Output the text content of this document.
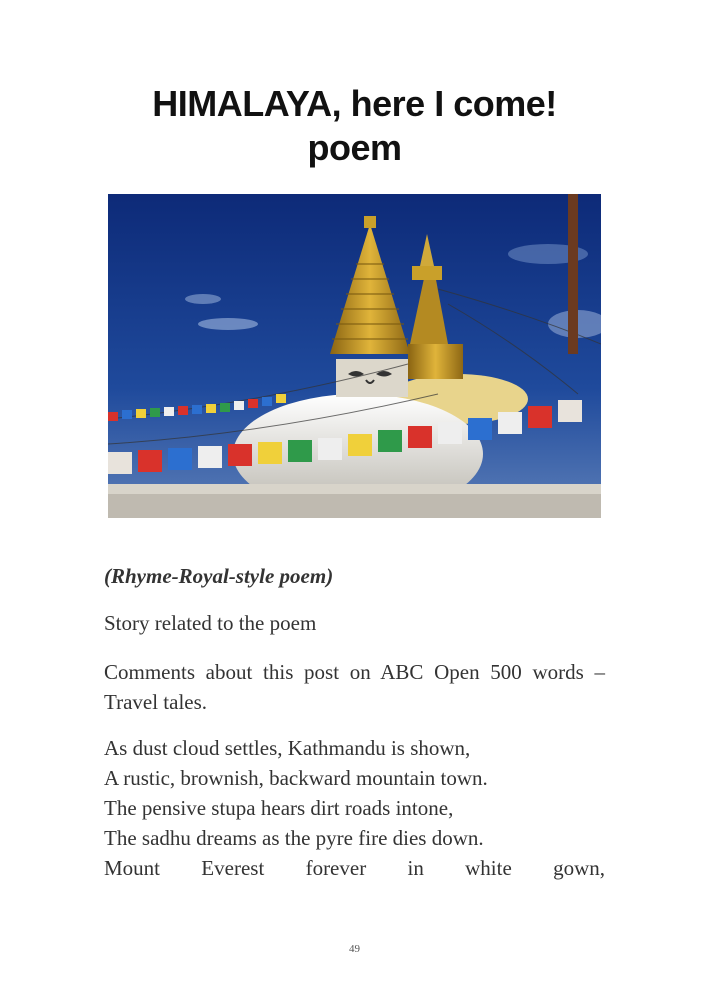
HIMALAYA, here I come!
poem

(Rhyme-Royal-style poem)

Story related to the poem

Comments about this post on ABC Open 500 words – Travel tales.

As dust cloud settles, Kathmandu is shown,
A rustic, brownish, backward mountain town.
The pensive stupa hears dirt roads intone,
The sadhu dreams as the pyre fire dies down.
Mount Everest forever in white gown,
49
